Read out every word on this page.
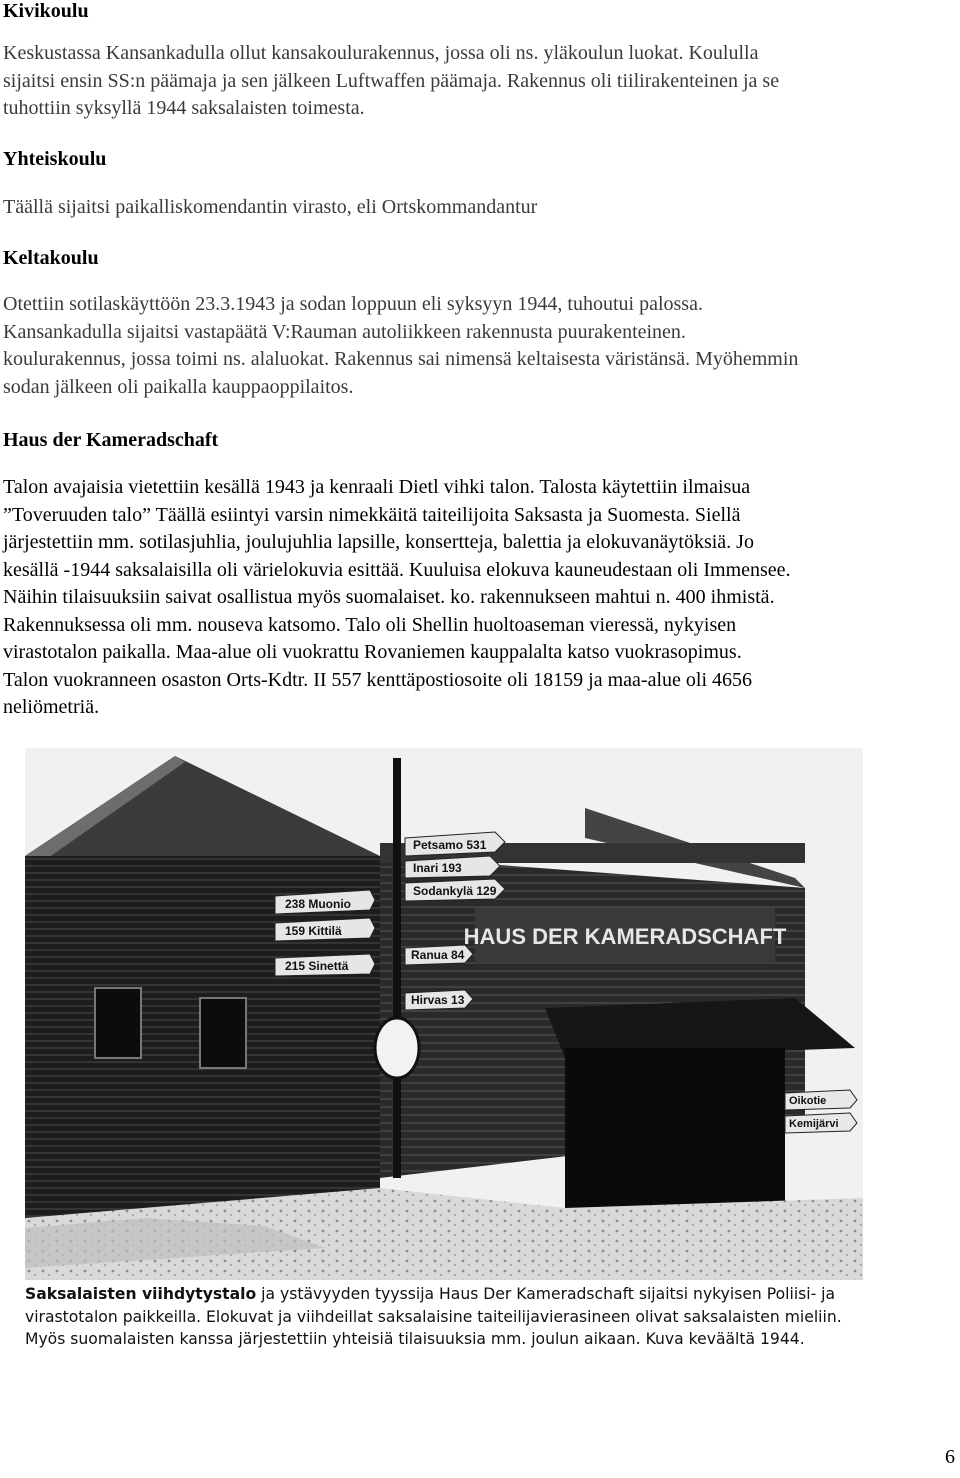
Kivikoulu
Keskustassa Kansankadulla ollut kansakoulurakennus, jossa oli ns. yläkoulun luokat. Koululla
sijaitsi ensin SS:n päämaja ja sen jälkeen Luftwaffen päämaja. Rakennus oli tiilirakenteinen ja se
tuhottiin syksyllä 1944 saksalaisten toimesta.
Yhteiskoulu
Täällä sijaitsi paikalliskomendantin virasto, eli Ortskommandantur
Keltakoulu
Otettiin sotilaskäyttöön 23.3.1943 ja sodan loppuun eli syksyyn 1944, tuhoutui palossa.
Kansankadulla sijaitsi vastapäätä V:Rauman autoliikkeen rakennusta puurakenteinen.
koulurakennus, jossa toimi ns. alaluokat. Rakennus sai nimensä keltaisesta väristänsä. Myöhemmin
sodan jälkeen oli paikalla kauppaoppilaitos.
Haus der Kameradschaft
Talon avajaisia vietettiin kesällä 1943 ja kenraali Dietl vihki talon. Talosta käytettiin ilmaisua
”Toveruuden talo” Täällä esiintyi varsin nimekkäitä taiteilijoita Saksasta ja Suomesta. Siellä
järjestettiin mm. sotilasjuhlia, joulujuhlia lapsille, konsertteja, balettia ja elokuvanäytöksiä. Jo
kesällä -1944 saksalaisilla oli värielokuvia esittää. Kuuluisa elokuva kauneudestaan oli Immensee.
Näihin tilaisuuksiin saivat osallistua myös suomalaiset. ko. rakennukseen mahtui n. 400 ihmistä.
Rakennuksessa oli mm. nouseva katsomo. Talo oli Shellin huoltoaseman vieressä, nykyisen
virastotalon paikalla. Maa-alue oli vuokrattu Rovaniemen kauppalalta katso vuokrasopimus.
Talon vuokranneen osaston Orts-Kdtr. II 557 kenttäpostiosoite oli 18159 ja maa-alue oli 4656
neliömetriä.
HAUS DER KAMERADSCHAFT
238 Muonio
159 Kittilä
215 Sinettä
Petsamo 531
Inari 193
Sodankylä 129
Ranua 84
Hirvas 13
Oikotie
Kemijärvi
Saksalaisten viihdytystalo ja ystävyyden tyyssija Haus Der Kameradschaft sijaitsi nykyisen Poliisi- ja
virastotalon paikkeilla. Elokuvat ja viihdeillat saksalaisine taiteilijavierasineen olivat saksalaisten mieliin.
Myös suomalaisten kanssa järjestettiin yhteisiä tilaisuuksia mm. joulun aikaan. Kuva keväältä 1944.
6
